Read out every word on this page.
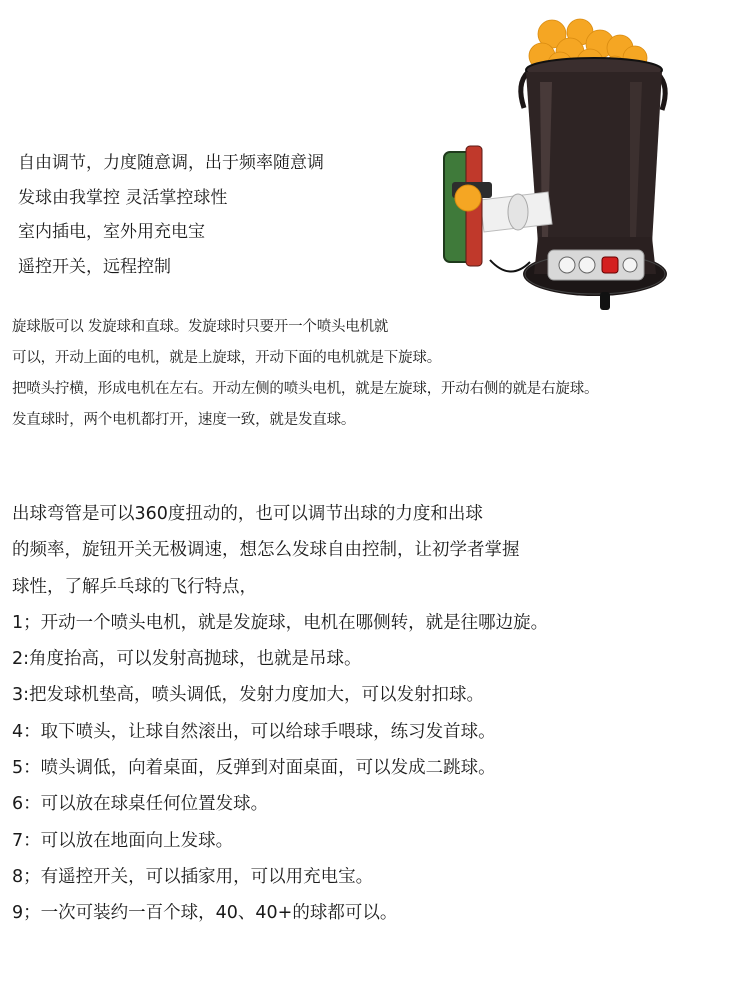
自由调节，力度随意调，出于频率随意调
发球由我掌控 灵活掌控球性
室内插电，室外用充电宝
遥控开关，远程控制
旋球版可以 发旋球和直球。发旋球时只要开一个喷头电机就
可以，开动上面的电机，就是上旋球，开动下面的电机就是下旋球。
把喷头拧横，形成电机在左右。开动左侧的喷头电机，就是左旋球，开动右侧的就是右旋球。
发直球时，两个电机都打开，速度一致，就是发直球。
出球弯管是可以360度扭动的，也可以调节出球的力度和出球
的频率，旋钮开关无极调速，想怎么发球自由控制，让初学者掌握
球性，了解乒乓球的飞行特点，
1；开动一个喷头电机，就是发旋球，电机在哪侧转，就是往哪边旋。
2:角度抬高，可以发射高抛球，也就是吊球。
3:把发球机垫高，喷头调低，发射力度加大，可以发射扣球。
4：取下喷头，让球自然滚出，可以给球手喂球，练习发首球。
5：喷头调低，向着桌面，反弹到对面桌面，可以发成二跳球。
6：可以放在球桌任何位置发球。
7：可以放在地面向上发球。
8；有遥控开关，可以插家用，可以用充电宝。
9；一次可装约一百个球，40、40+的球都可以。
